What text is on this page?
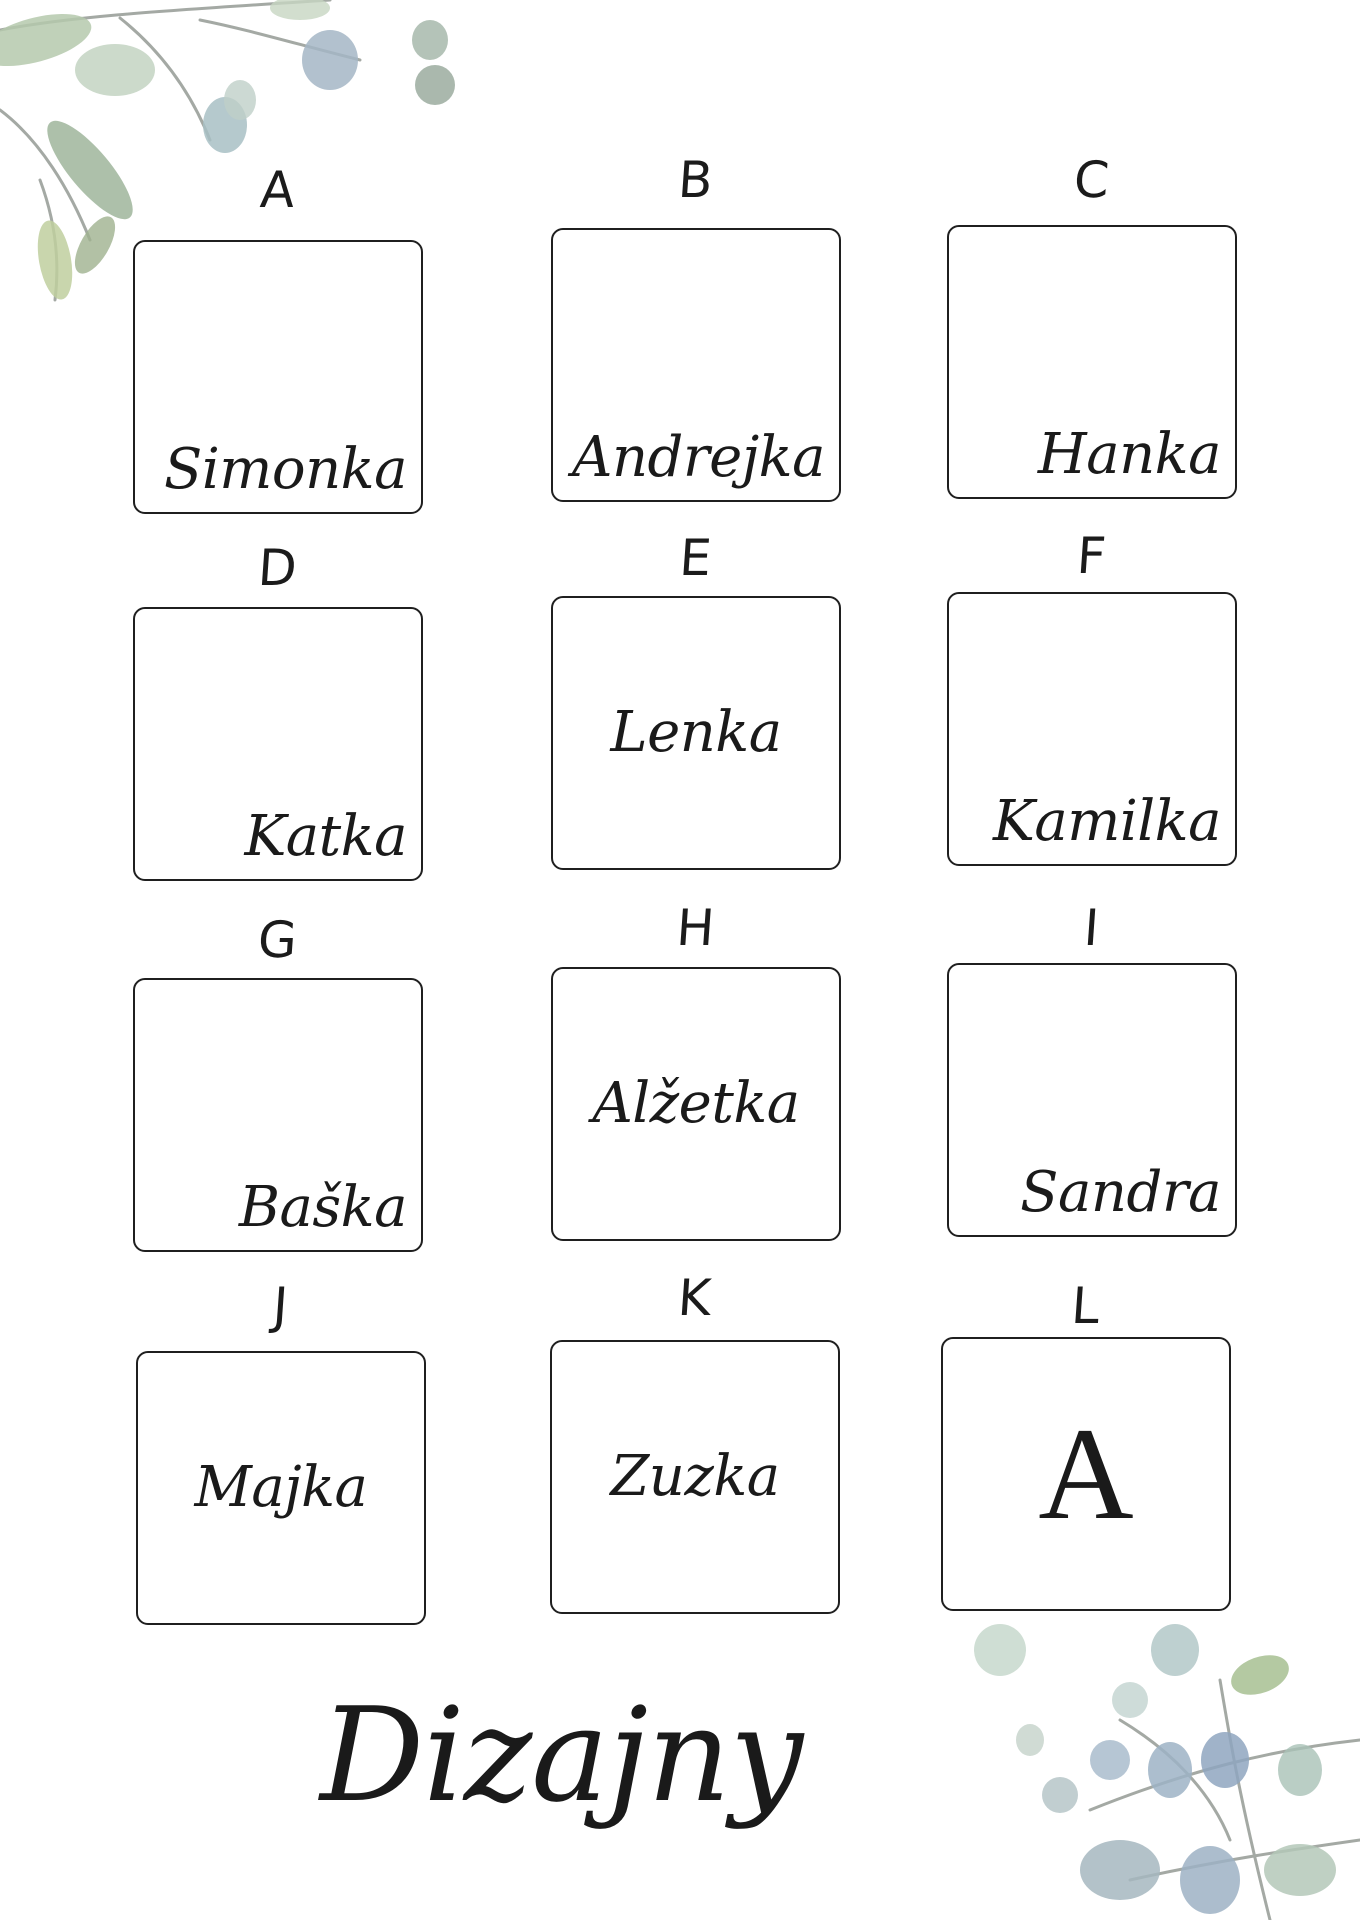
A
Simonka
B
Andrejka
C
Hanka
D
Katka
E
Lenka
F
Kamilka
G
Baška
H
Alžetka
I
Sandra
J
Majka
K
Zuzka
L
A
Dizajny
